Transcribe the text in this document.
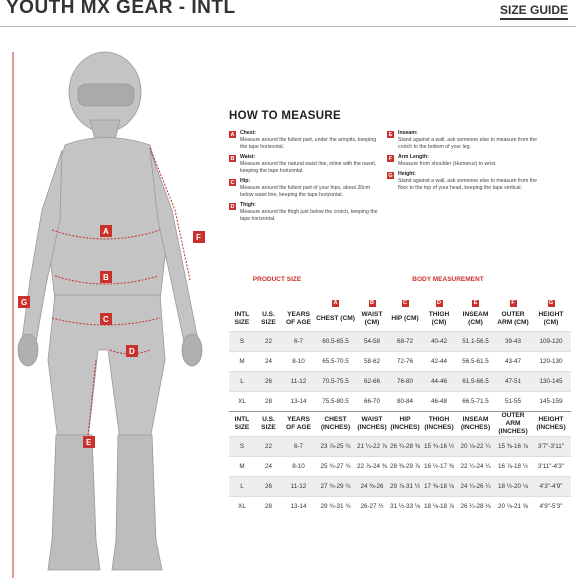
YOUTH MX GEAR - INTL	SIZE GUIDE
A
B
C
D
E
F
G
HOW TO MEASURE
A Chest:
Measure around the fullest part, under the armpits, keeping the tape horizontal.
B Waist:
Measure around the natural waist line, inline with the navel, keeping the tape horizontal.
C Hip:
Measure around the fullest part of your hips, about 20cm below waist line, keeping the tape horizontal.
D Thigh:
Measure around the thigh just below the crotch, keeping the tape horizontal.
E	Inseam:
Stand against a wall, ask someone else to measure from the crotch to the bottom of your leg.
F	Arm Length:
Measure from shoulder (Humerus) to wrist.
G Height:
Stand against a wall, ask someone else to measure from the floor to the top of your head, keeping the tape vertical.
PRODUCT SIZE	BODY MEASUREMENT
			A	B	C	D	E	F	G
INTL SIZE	U.S. SIZE	YEARS OF AGE	CHEST (CM)	WAIST (CM)	HIP (CM)	THIGH (CM)	INSEAM (CM)	OUTER ARM (CM)	HEIGHT (CM)
S	22	6-7	60.5-65.5	54-58	68-72	40-42	51.1-56.5	39-43	109-120
M	24	8-10	65.5-70.5	58-62	72-76	42-44	56.5-61.5	43-47	120-130
L	26	11-12	70.5-75.5	62-66	76-80	44-46	61.5-66.5	47-51	130-145
XL	28	13-14	75.5-80.5	66-70	80-84	46-48	66.5-71.5	51-55	145-159
INTL SIZE	U.S. SIZE	YEARS OF AGE	CHEST (INCHES)	WAIST (INCHES)	HIP (INCHES)	THIGH (INCHES)	INSEAM (INCHES)	OUTER ARM (INCHES)	HEIGHT (INCHES)
S	22	6-7	23 ⅞-25 ¾	21 ¼-22 ⅞	26 ¾-28 ⅜	15 ¾-16 ½	20 ⅛-22 ¼	15 ⅜-16 ⅞	3'7"-3'11"
M	24	8-10	25 ¾-27 ¾	22 ⅞-24 ⅜	28 ⅜-29 ⅞	16 ½-17 ⅜	22 ¼-24 ¼	16 ⅞-18 ½	3'11"-4'3"
L	26	11-12	27 ¾-29 ¾	24 ⅜-26	29 ⅞-31 ½	17 ⅜-18 ⅛	24 ¼-26 ¼	18 ½-20 ⅛	4'3"-4'9"
XL	28	13-14	29 ¾-31 ¾	26-27 ½	31 ½-33 ⅛	18 ⅛-18 ⅞	26 ¼-28 ⅛	20 ⅛-21 ⅝	4'9"-5'3"
